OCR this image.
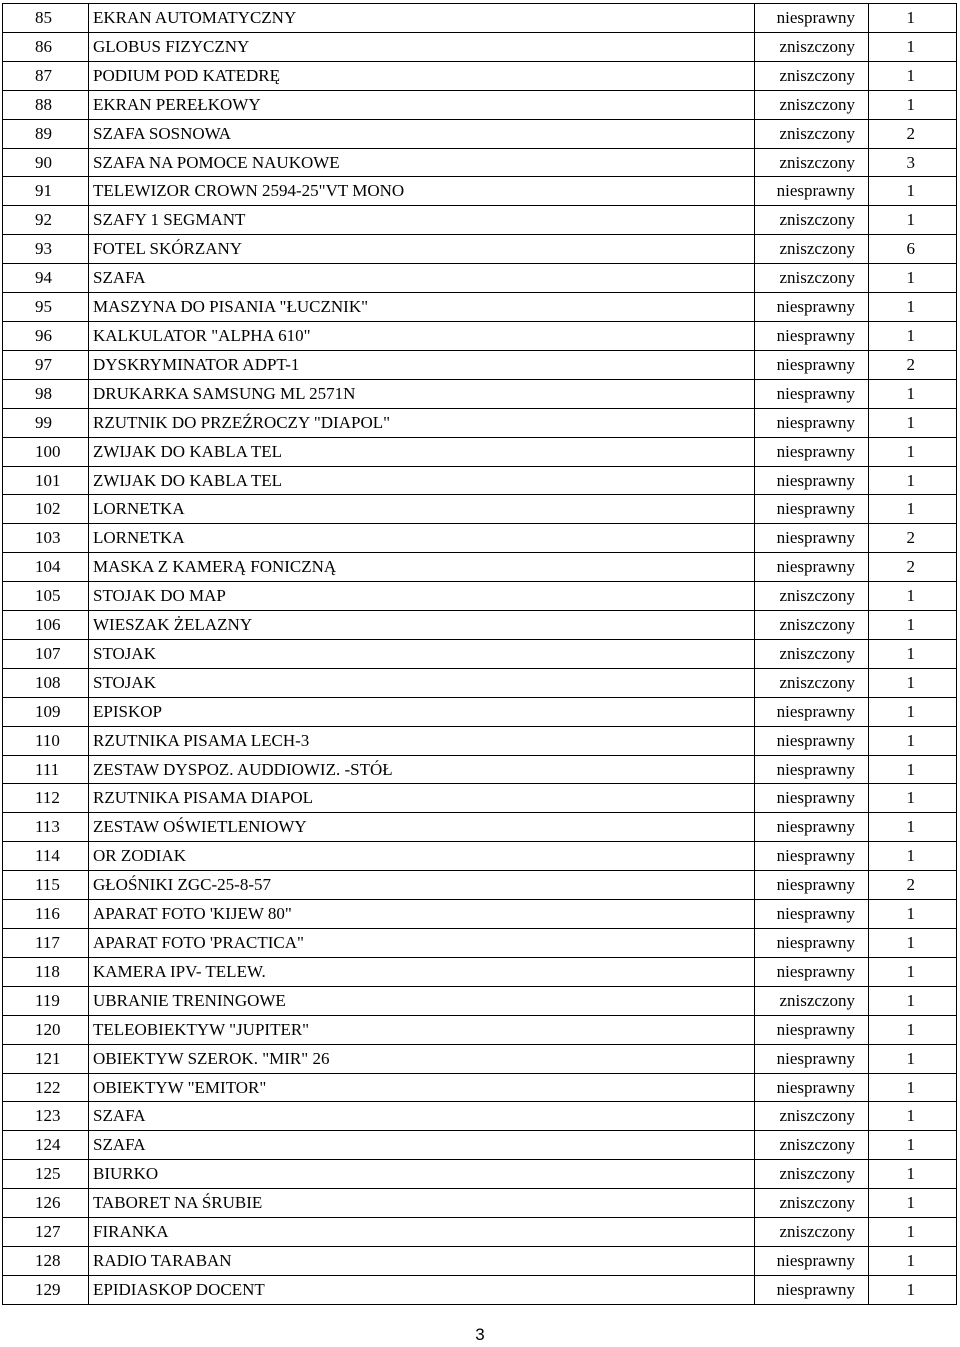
85	EKRAN AUTOMATYCZNY	niesprawny	1
86	GLOBUS FIZYCZNY	zniszczony	1
87	PODIUM POD KATEDRĘ	zniszczony	1
88	EKRAN PEREŁKOWY	zniszczony	1
89	SZAFA SOSNOWA	zniszczony	2
90	SZAFA NA POMOCE NAUKOWE	zniszczony	3
91	TELEWIZOR CROWN 2594-25"VT MONO	niesprawny	1
92	SZAFY 1 SEGMANT	zniszczony	1
93	FOTEL SKÓRZANY	zniszczony	6
94	SZAFA	zniszczony	1
95	MASZYNA DO PISANIA "ŁUCZNIK"	niesprawny	1
96	KALKULATOR "ALPHA 610"	niesprawny	1
97	DYSKRYMINATOR ADPT-1	niesprawny	2
98	DRUKARKA SAMSUNG ML 2571N	niesprawny	1
99	RZUTNIK DO PRZEŹROCZY "DIAPOL"	niesprawny	1
100	ZWIJAK DO KABLA TEL	niesprawny	1
101	ZWIJAK DO KABLA TEL	niesprawny	1
102	LORNETKA	niesprawny	1
103	LORNETKA	niesprawny	2
104	MASKA Z KAMERĄ FONICZNĄ	niesprawny	2
105	STOJAK DO MAP	zniszczony	1
106	WIESZAK ŻELAZNY	zniszczony	1
107	STOJAK	zniszczony	1
108	STOJAK	zniszczony	1
109	EPISKOP	niesprawny	1
110	RZUTNIKA PISAMA LECH-3	niesprawny	1
111	ZESTAW DYSPOZ. AUDDIOWIZ. -STÓŁ	niesprawny	1
112	RZUTNIKA PISAMA DIAPOL	niesprawny	1
113	ZESTAW OŚWIETLENIOWY	niesprawny	1
114	OR ZODIAK	niesprawny	1
115	GŁOŚNIKI ZGC-25-8-57	niesprawny	2
116	APARAT FOTO 'KIJEW 80"	niesprawny	1
117	APARAT FOTO 'PRACTICA"	niesprawny	1
118	KAMERA IPV- TELEW.	niesprawny	1
119	UBRANIE TRENINGOWE	zniszczony	1
120	TELEOBIEKTYW "JUPITER"	niesprawny	1
121	OBIEKTYW SZEROK. "MIR" 26	niesprawny	1
122	OBIEKTYW "EMITOR"	niesprawny	1
123	SZAFA	zniszczony	1
124	SZAFA	zniszczony	1
125	BIURKO	zniszczony	1
126	TABORET NA ŚRUBIE	zniszczony	1
127	FIRANKA	zniszczony	1
128	RADIO TARABAN	niesprawny	1
129	EPIDIASKOP DOCENT	niesprawny	1
3
